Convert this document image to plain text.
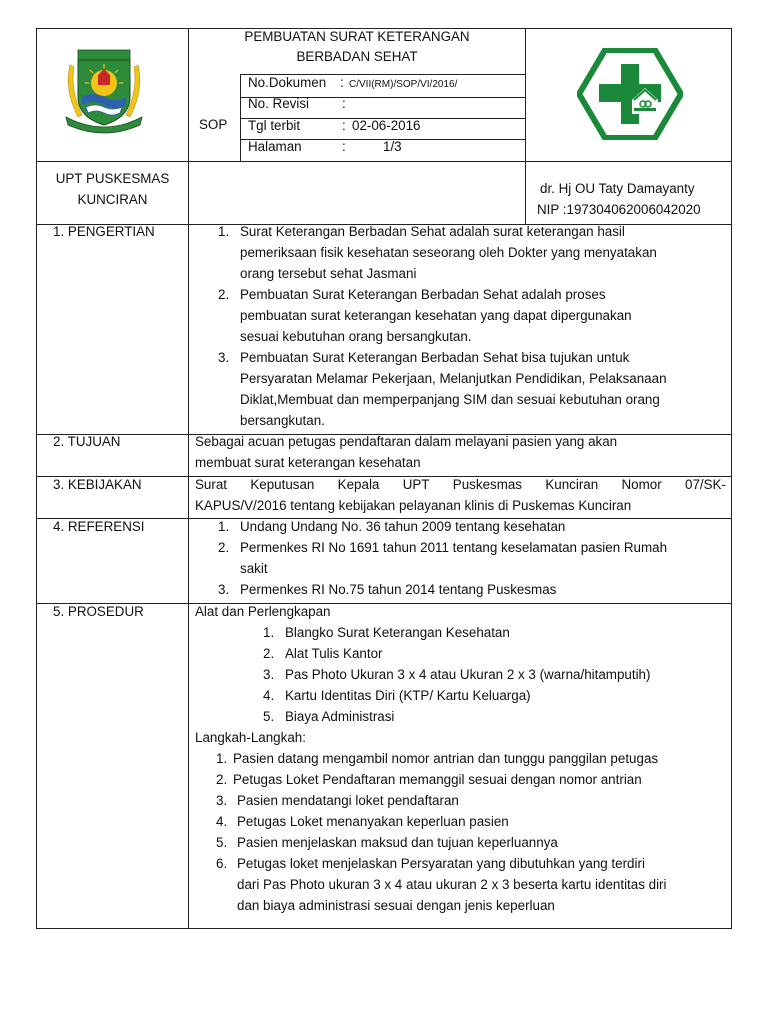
PEMBUATAN SURAT KETERANGAN
BERBADAN SEHAT
SOP
No.Dokumen : C/VII(RM)/SOP/VI/2016/
No. Revisi :
Tgl terbit	: 02-06-2016
Halaman	:	1/3
UPT PUSKESMAS
KUNCIRAN
dr. Hj OU Taty Damayanty
NIP :197304062006042020
1. PENGERTIAN	1. Surat Keterangan Berbadan Sehat adalah surat keterangan hasil
pemeriksaan fisik kesehatan seseorang oleh Dokter yang menyatakan
orang tersebut sehat Jasmani
2. Pembuatan Surat Keterangan Berbadan Sehat adalah proses
pembuatan surat keterangan kesehatan yang dapat dipergunakan
sesuai kebutuhan orang bersangkutan.
3. Pembuatan Surat Keterangan Berbadan Sehat bisa tujukan untuk
Persyaratan Melamar Pekerjaan, Melanjutkan Pendidikan, Pelaksanaan
Diklat,Membuat dan memperpanjang SIM dan sesuai kebutuhan orang
bersangkutan.
2. TUJUAN	Sebagai acuan petugas pendaftaran dalam melayani pasien yang akan
membuat surat keterangan kesehatan
3. KEBIJAKAN	Surat Keputusan Kepala UPT Puskesmas Kunciran Nomor 07/SK-
KAPUS/V/2016 tentang kebijakan pelayanan klinis di Puskemas Kunciran
4. REFERENSI	1. Undang Undang No. 36 tahun 2009 tentang kesehatan
2. Permenkes RI No 1691 tahun 2011 tentang keselamatan pasien Rumah
sakit
3. Permenkes RI No.75 tahun 2014 tentang Puskesmas
5. PROSEDUR	Alat dan Perlengkapan
1. Blangko Surat Keterangan Kesehatan
2. Alat Tulis Kantor
3. Pas Photo Ukuran 3 x 4 atau Ukuran 2 x 3 (warna/hitamputih)
4. Kartu Identitas Diri (KTP/ Kartu Keluarga)
5. Biaya Administrasi
Langkah-Langkah:
1. Pasien datang mengambil nomor antrian dan tunggu panggilan petugas
2. Petugas Loket Pendaftaran memanggil sesuai dengan nomor antrian
3. Pasien mendatangi loket pendaftaran
4. Petugas Loket menanyakan keperluan pasien
5. Pasien menjelaskan maksud dan tujuan keperluannya
6. Petugas loket menjelaskan Persyaratan yang dibutuhkan yang terdiri
dari Pas Photo ukuran 3 x 4 atau ukuran 2 x 3 beserta kartu identitas diri
dan biaya administrasi sesuai dengan jenis keperluan
